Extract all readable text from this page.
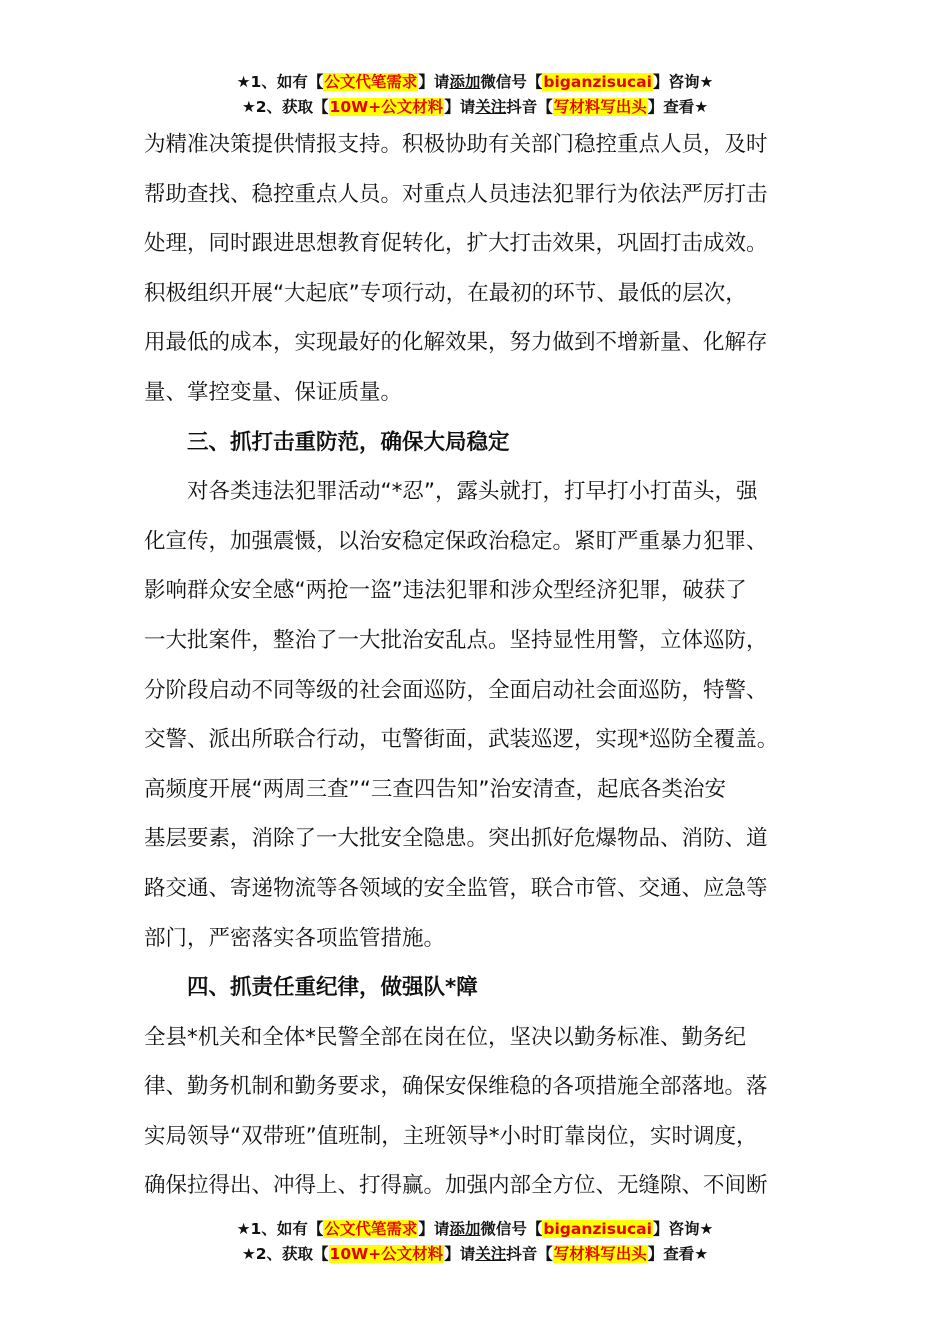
★1、如有【公文代笔需求】请添加微信号【biganzisucai】咨询★
★2、获取【10W+公文材料】请关注抖音【写材料写出头】查看★
为精准决策提供情报支持。积极协助有关部门稳控重点人员，及时
帮助查找、稳控重点人员。对重点人员违法犯罪行为依法严厉打击
处理，同时跟进思想教育促转化，扩大打击效果，巩固打击成效。
积极组织开展“大起底”专项行动，在最初的环节、最低的层次，
用最低的成本，实现最好的化解效果，努力做到不增新量、化解存
量、掌控变量、保证质量。
三、抓打击重防范，确保大局稳定
对各类违法犯罪活动“*忍”，露头就打，打早打小打苗头，强
化宣传，加强震慑，以治安稳定保政治稳定。紧盯严重暴力犯罪、
影响群众安全感“两抢一盗”违法犯罪和涉众型经济犯罪，破获了
一大批案件，整治了一大批治安乱点。坚持显性用警，立体巡防，
分阶段启动不同等级的社会面巡防，全面启动社会面巡防，特警、
交警、派出所联合行动，屯警街面，武装巡逻，实现*巡防全覆盖。
高频度开展“两周三查”“三查四告知”治安清查，起底各类治安
基层要素，消除了一大批安全隐患。突出抓好危爆物品、消防、道
路交通、寄递物流等各领域的安全监管，联合市管、交通、应急等
部门，严密落实各项监管措施。
四、抓责任重纪律，做强队*障
全县*机关和全体*民警全部在岗在位，坚决以勤务标准、勤务纪
律、勤务机制和勤务要求，确保安保维稳的各项措施全部落地。落
实局领导“双带班”值班制，主班领导*小时盯靠岗位，实时调度，
确保拉得出、冲得上、打得赢。加强内部全方位、无缝隙、不间断
★1、如有【公文代笔需求】请添加微信号【biganzisucai】咨询★
★2、获取【10W+公文材料】请关注抖音【写材料写出头】查看★
